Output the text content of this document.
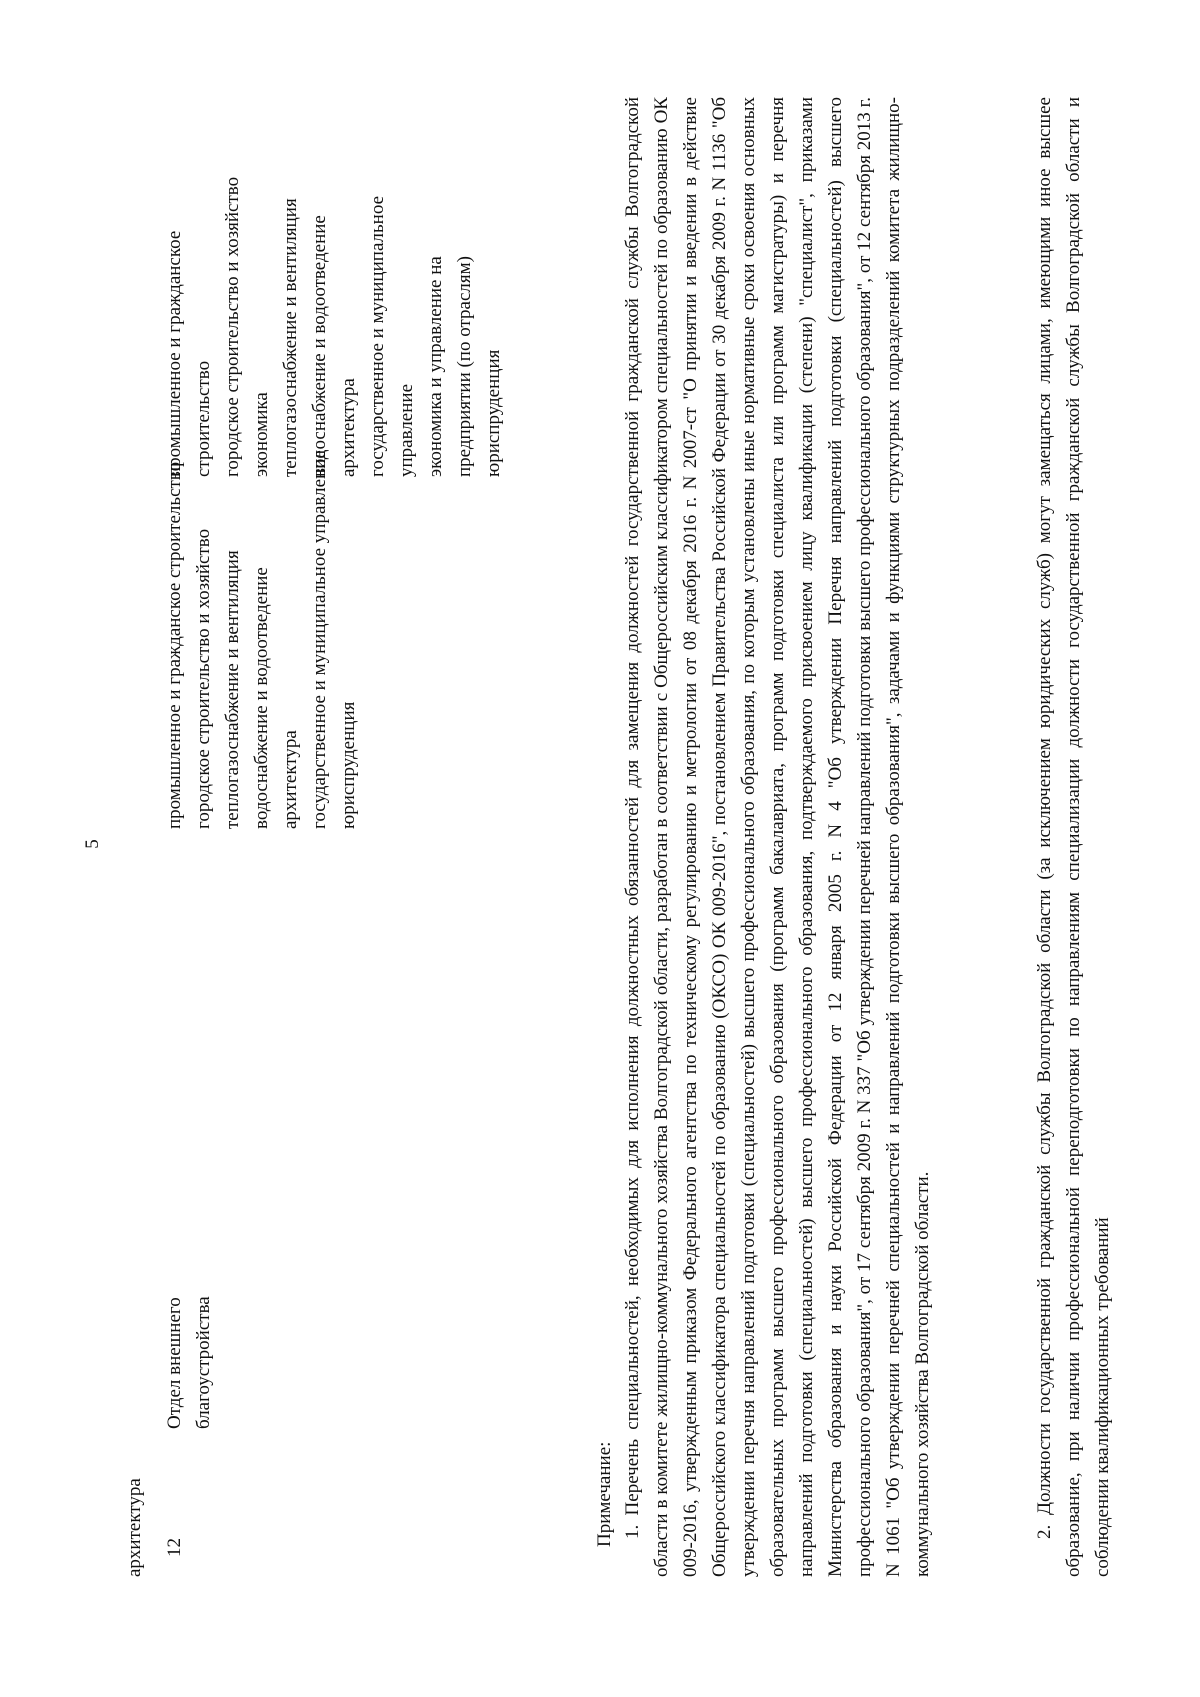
5
архитектура 12
Отдел внешнего
благоустройства
промышленное и гражданское строительство городское строительство и хозяйство теплогазоснабжение и вентиляция водоснабжение и водоотведение архитектура государственное и муниципальное управление юриспруденция
промышленное и гражданское строительство городское строительство и хозяйство экономика теплогазоснабжение и вентиляция водоснабжение и водоотведение архитектура государственное и муниципальное управление экономика и управление на предприятии (по отраслям) юриспруденция
Примечание: 1. Перечень специальностей, необходимых для исполнения должностных обязанностей для замещения должностей государственной гражданской службы Волгоградской области в комитете жилищно-коммунального хозяйства Волгоградской области, разработан в соответствии с Общероссийским классификатором специальностей по образованию ОК 009-2016, утвержденным приказом Федерального агентства по техническому регулированию и метрологии от 08 декабря 2016 г. N 2007-ст "О принятии и введении в действие Общероссийского классификатора специальностей по образованию (ОКСО) ОК 009-2016", постановлением Правительства Российской Федерации от 30 декабря 2009 г. N 1136 "Об утверждении перечня направлений подготовки (специальностей) высшего профессионального образования, по которым установлены иные нормативные сроки освоения основных образовательных программ высшего профессионального образования (программ бакалавриата, программ подготовки специалиста или программ магистратуры) и перечня направлений подготовки (специальностей) высшего профессионального образования, подтверждаемого присвоением лицу квалификации (степени) "специалист", приказами Министерства образования и науки Российской Федерации от 12 января 2005 г. N 4 "Об утверждении Перечня направлений подготовки (специальностей) высшего профессионального образования", от 17 сентября 2009 г. N 337 "Об утверждении перечней направлений подготовки высшего профессионального образования", от 12 сентября 2013 г. N 1061 "Об утверждении перечней специальностей и направлений подготовки высшего образования", задачами и функциями структурных подразделений комитета жилищно-коммунального хозяйства Волгоградской области.	2. Должности государственной гражданской службы Волгоградской области (за исключением юридических служб) могут замещаться лицами, имеющими иное высшее образование, при наличии профессиональной переподготовки по направлениям специализации должности государственной гражданской службы Волгоградской области и соблюдении квалификационных требований
